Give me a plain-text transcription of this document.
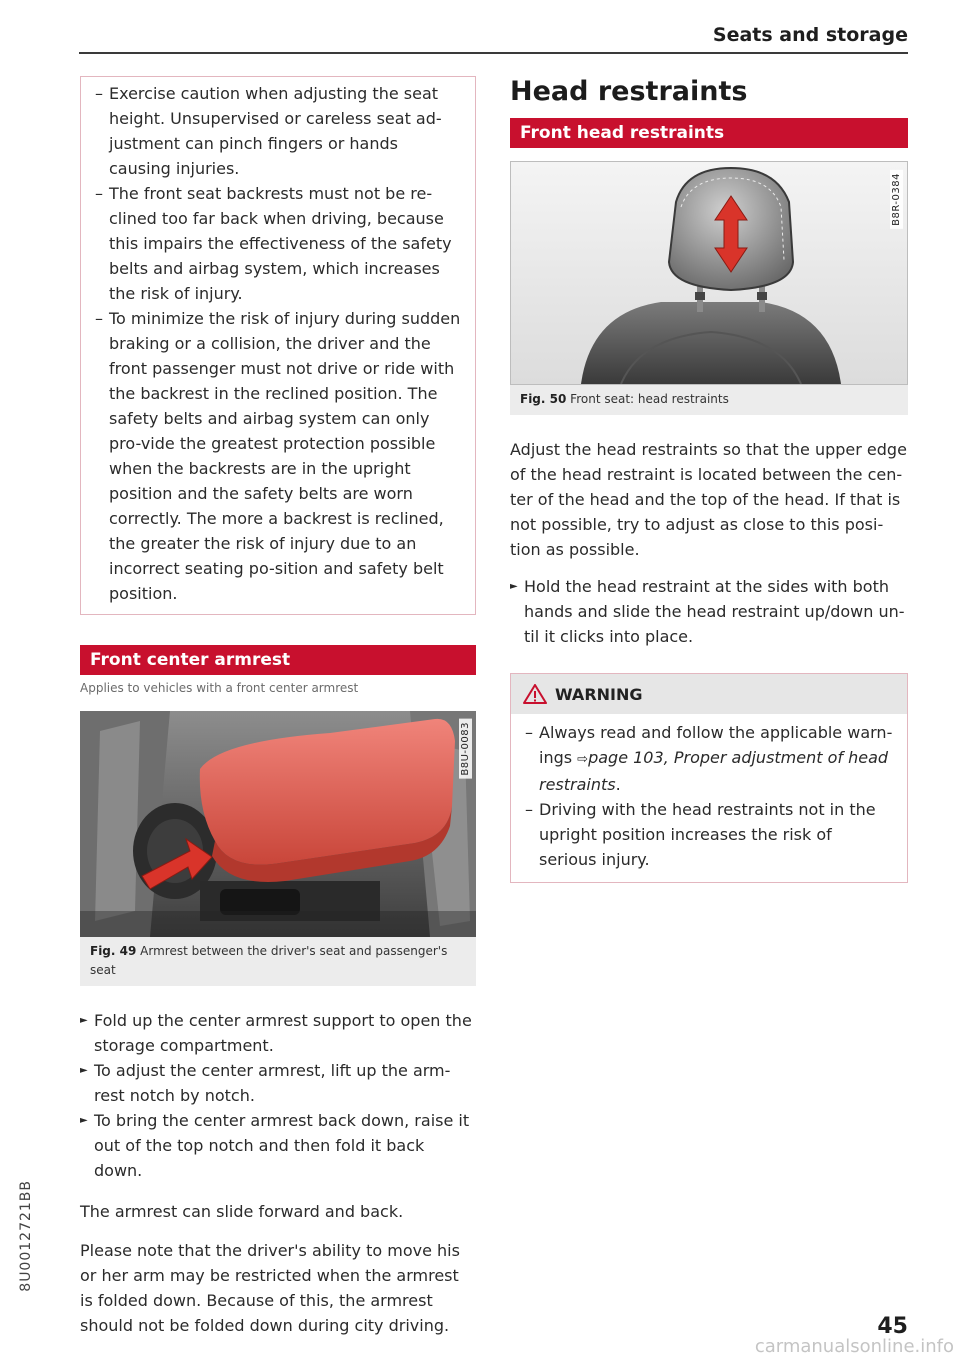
Seats and storage
– Exercise caution when adjusting the seat height. Unsupervised or careless seat ad-justment can pinch fingers or hands causing injuries.
– The front seat backrests must not be re-clined too far back when driving, because this impairs the effectiveness of the safety belts and airbag system, which increases the risk of injury.
– To minimize the risk of injury during sudden braking or a collision, the driver and the front passenger must not drive or ride with the backrest in the reclined position. The safety belts and airbag system can only pro-vide the greatest protection possible when the backrests are in the upright position and the safety belts are worn correctly. The more a backrest is reclined, the greater the risk of injury due to an incorrect seating po-sition and safety belt position.
Front center armrest
Applies to vehicles with a front center armrest
B8U-0083
Fig. 49 Armrest between the driver's seat and passenger's seat
► Fold up the center armrest support to open the storage compartment.
► To adjust the center armrest, lift up the arm-rest notch by notch.
► To bring the center armrest back down, raise it out of the top notch and then fold it back down.

The armrest can slide forward and back.

Please note that the driver's ability to move his or her arm may be restricted when the armrest is folded down. Because of this, the armrest should not be folded down during city driving.

Head restraints
Front head restraints
B8R-0384
Fig. 50 Front seat: head restraints

Adjust the head restraints so that the upper edge of the head restraint is located between the cen-ter of the head and the top of the head. If that is not possible, try to adjust as close to this posi-tion as possible.

► Hold the head restraint at the sides with both hands and slide the head restraint up/down un-til it clicks into place.
WARNING
– Always read and follow the applicable warn-ings ⇨page 103, Proper adjustment of head restraints.
– Driving with the head restraints not in the upright position increases the risk of serious injury.
8U0012721BB
45
carmanualsonline.info
